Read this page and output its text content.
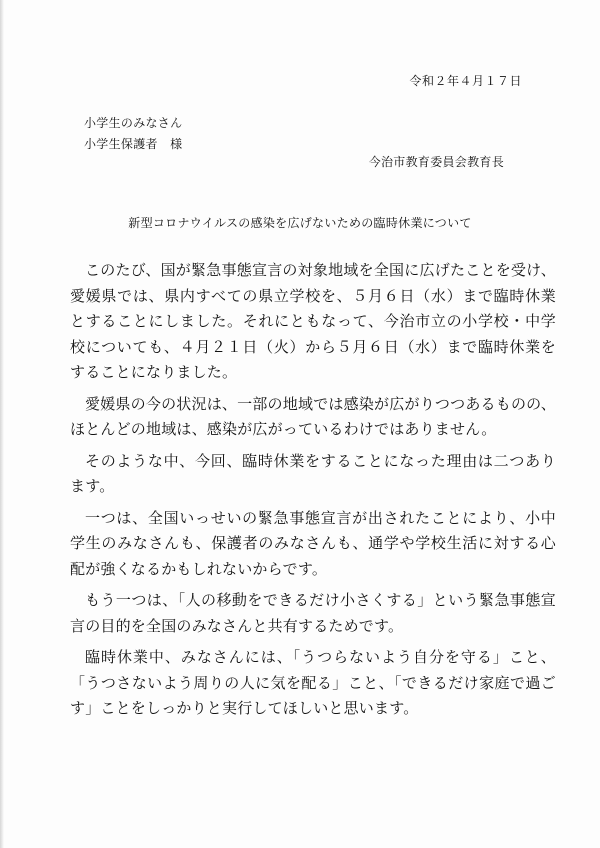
令和２年４月１７日
小学生のみなさん
小学生保護者　様
今治市教育委員会教育長
新型コロナウイルスの感染を広げないための臨時休業について

このたび、国が緊急事態宣言の対象地域を全国に広げたことを受け、愛媛県では、県内すべての県立学校を、５月６日（水）まで臨時休業とすることにしました。それにともなって、今治市立の小学校・中学校についても、４月２１日（火）から５月６日（水）まで臨時休業をすることになりました。

愛媛県の今の状況は、一部の地域では感染が広がりつつあるものの、ほとんどの地域は、感染が広がっているわけではありません。

そのような中、今回、臨時休業をすることになった理由は二つあります。

一つは、全国いっせいの緊急事態宣言が出されたことにより、小中学生のみなさんも、保護者のみなさんも、通学や学校生活に対する心配が強くなるかもしれないからです。

もう一つは、「人の移動をできるだけ小さくする」という緊急事態宣言の目的を全国のみなさんと共有するためです。

臨時休業中、みなさんには、「うつらないよう自分を守る」こと、「うつさないよう周りの人に気を配る」こと、「できるだけ家庭で過ごす」ことをしっかりと実行してほしいと思います。
